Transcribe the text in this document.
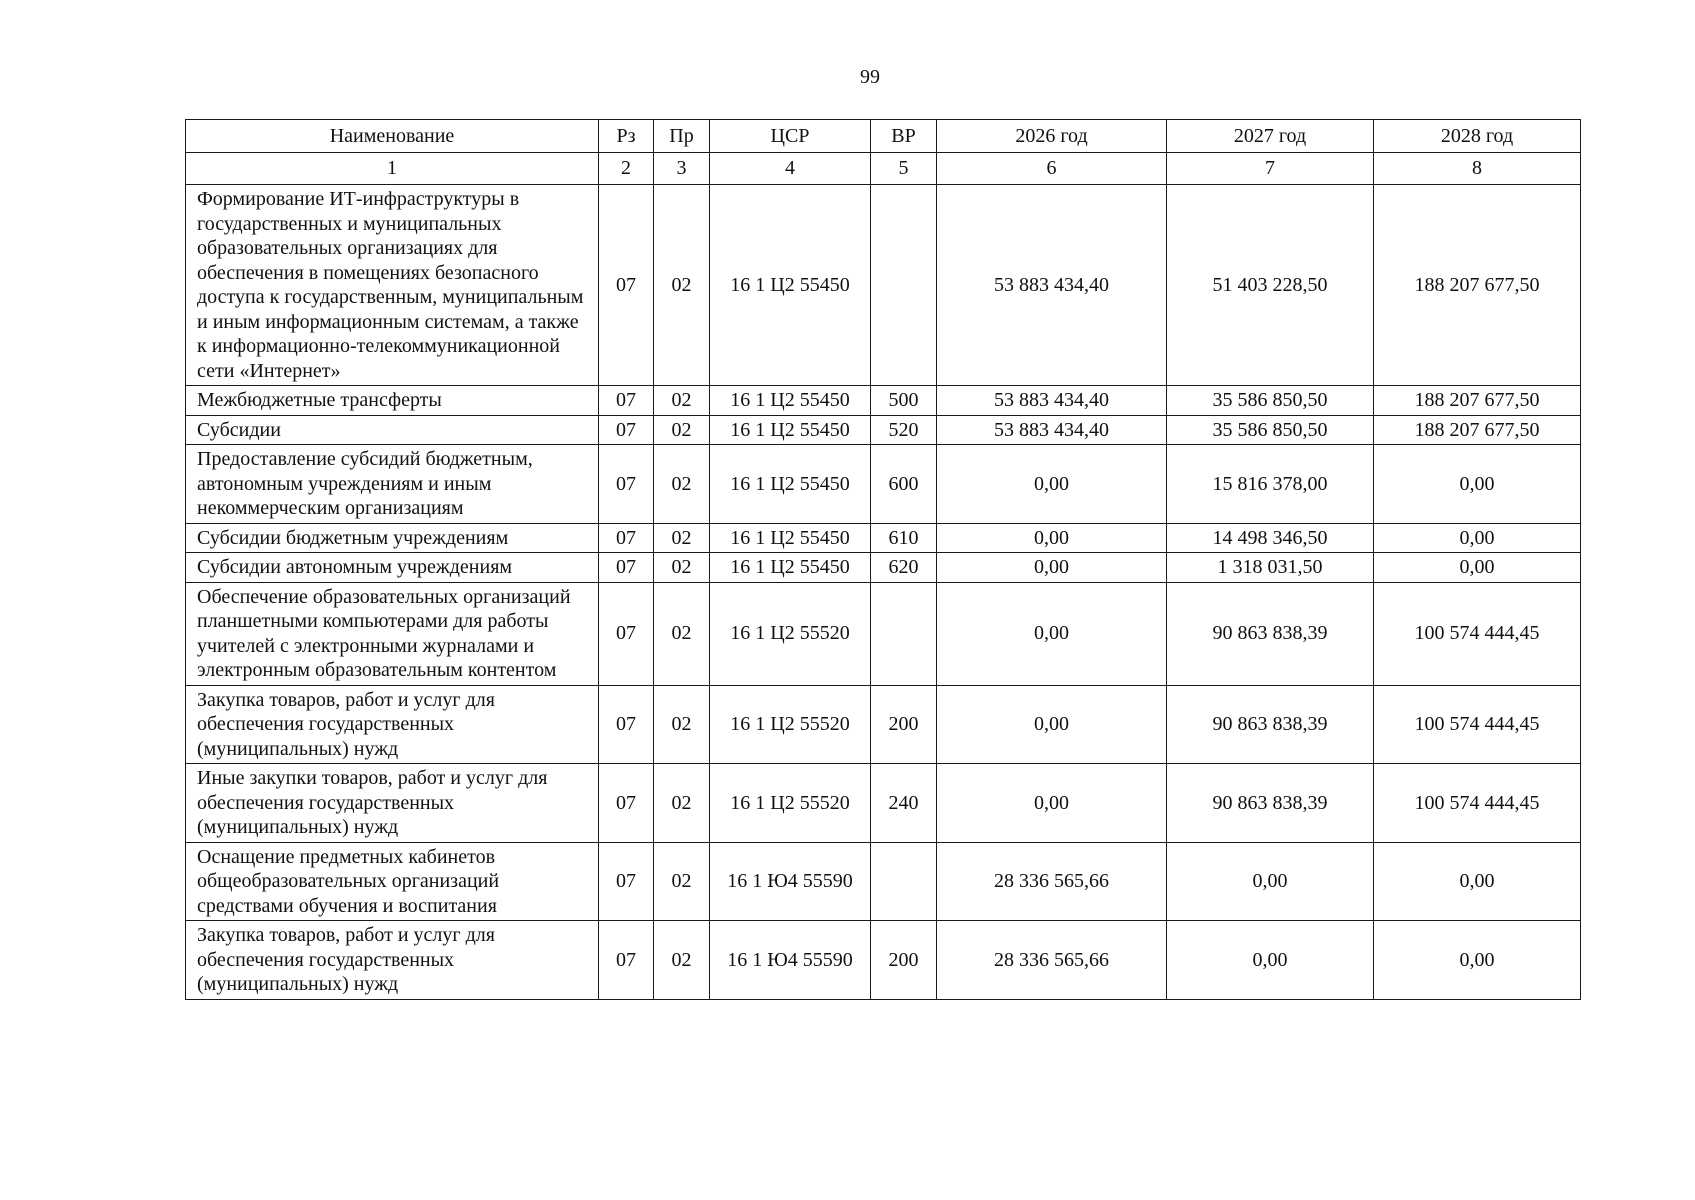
99
Наименование	Рз	Пр	ЦСР	ВР	2026 год	2027 год	2028 год
1	2	3	4	5	6	7	8
Формирование ИТ-инфраструктуры в государственных и муниципальных образовательных организациях для обеспечения в помещениях безопасного доступа к государственным, муниципальным и иным информационным системам, а также к информационно-телекоммуникационной сети «Интернет»	07	02	16 1 Ц2 55450		53 883 434,40	51 403 228,50	188 207 677,50
Межбюджетные трансферты	07	02	16 1 Ц2 55450	500	53 883 434,40	35 586 850,50	188 207 677,50
Субсидии	07	02	16 1 Ц2 55450	520	53 883 434,40	35 586 850,50	188 207 677,50
Предоставление субсидий бюджетным, автономным учреждениям и иным некоммерческим организациям	07	02	16 1 Ц2 55450	600	0,00	15 816 378,00	0,00
Субсидии бюджетным учреждениям	07	02	16 1 Ц2 55450	610	0,00	14 498 346,50	0,00
Субсидии автономным учреждениям	07	02	16 1 Ц2 55450	620	0,00	1 318 031,50	0,00
Обеспечение образовательных организаций планшетными компьютерами для работы учителей с электронными журналами и электронным образовательным контентом	07	02	16 1 Ц2 55520		0,00	90 863 838,39	100 574 444,45
Закупка товаров, работ и услуг для обеспечения государственных (муниципальных) нужд	07	02	16 1 Ц2 55520	200	0,00	90 863 838,39	100 574 444,45
Иные закупки товаров, работ и услуг для обеспечения государственных (муниципальных) нужд	07	02	16 1 Ц2 55520	240	0,00	90 863 838,39	100 574 444,45
Оснащение предметных кабинетов общеобразовательных организаций средствами обучения и воспитания	07	02	16 1 Ю4 55590		28 336 565,66	0,00	0,00
Закупка товаров, работ и услуг для обеспечения государственных (муниципальных) нужд	07	02	16 1 Ю4 55590	200	28 336 565,66	0,00	0,00
